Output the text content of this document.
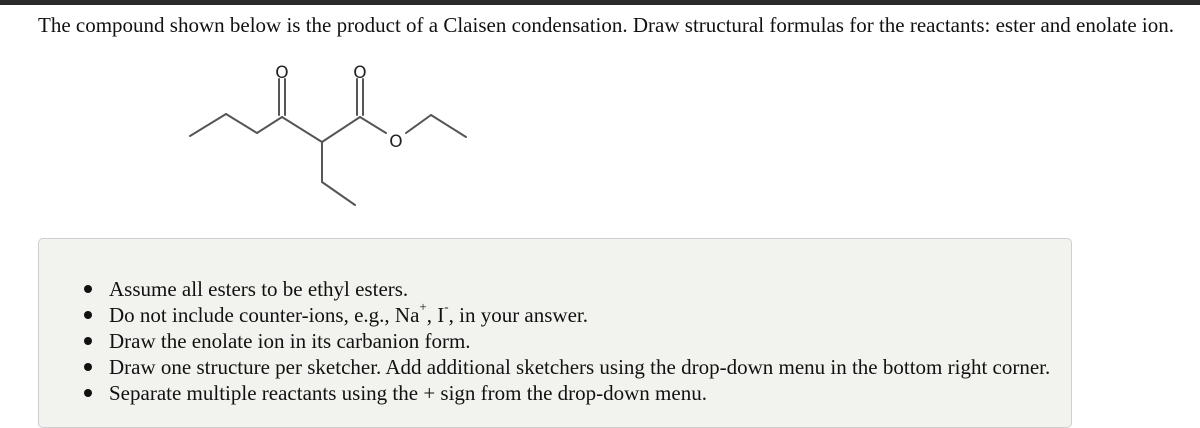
The compound shown below is the product of a Claisen condensation. Draw structural formulas for the reactants: ester and enolate ion.
O	O
O
Assume all esters to be ethyl esters.
Do not include counter-ions, e.g., Na+, I-, in your answer.
Draw the enolate ion in its carbanion form.
Draw one structure per sketcher. Add additional sketchers using the drop-down menu in the bottom right corner.
Separate multiple reactants using the + sign from the drop-down menu.
